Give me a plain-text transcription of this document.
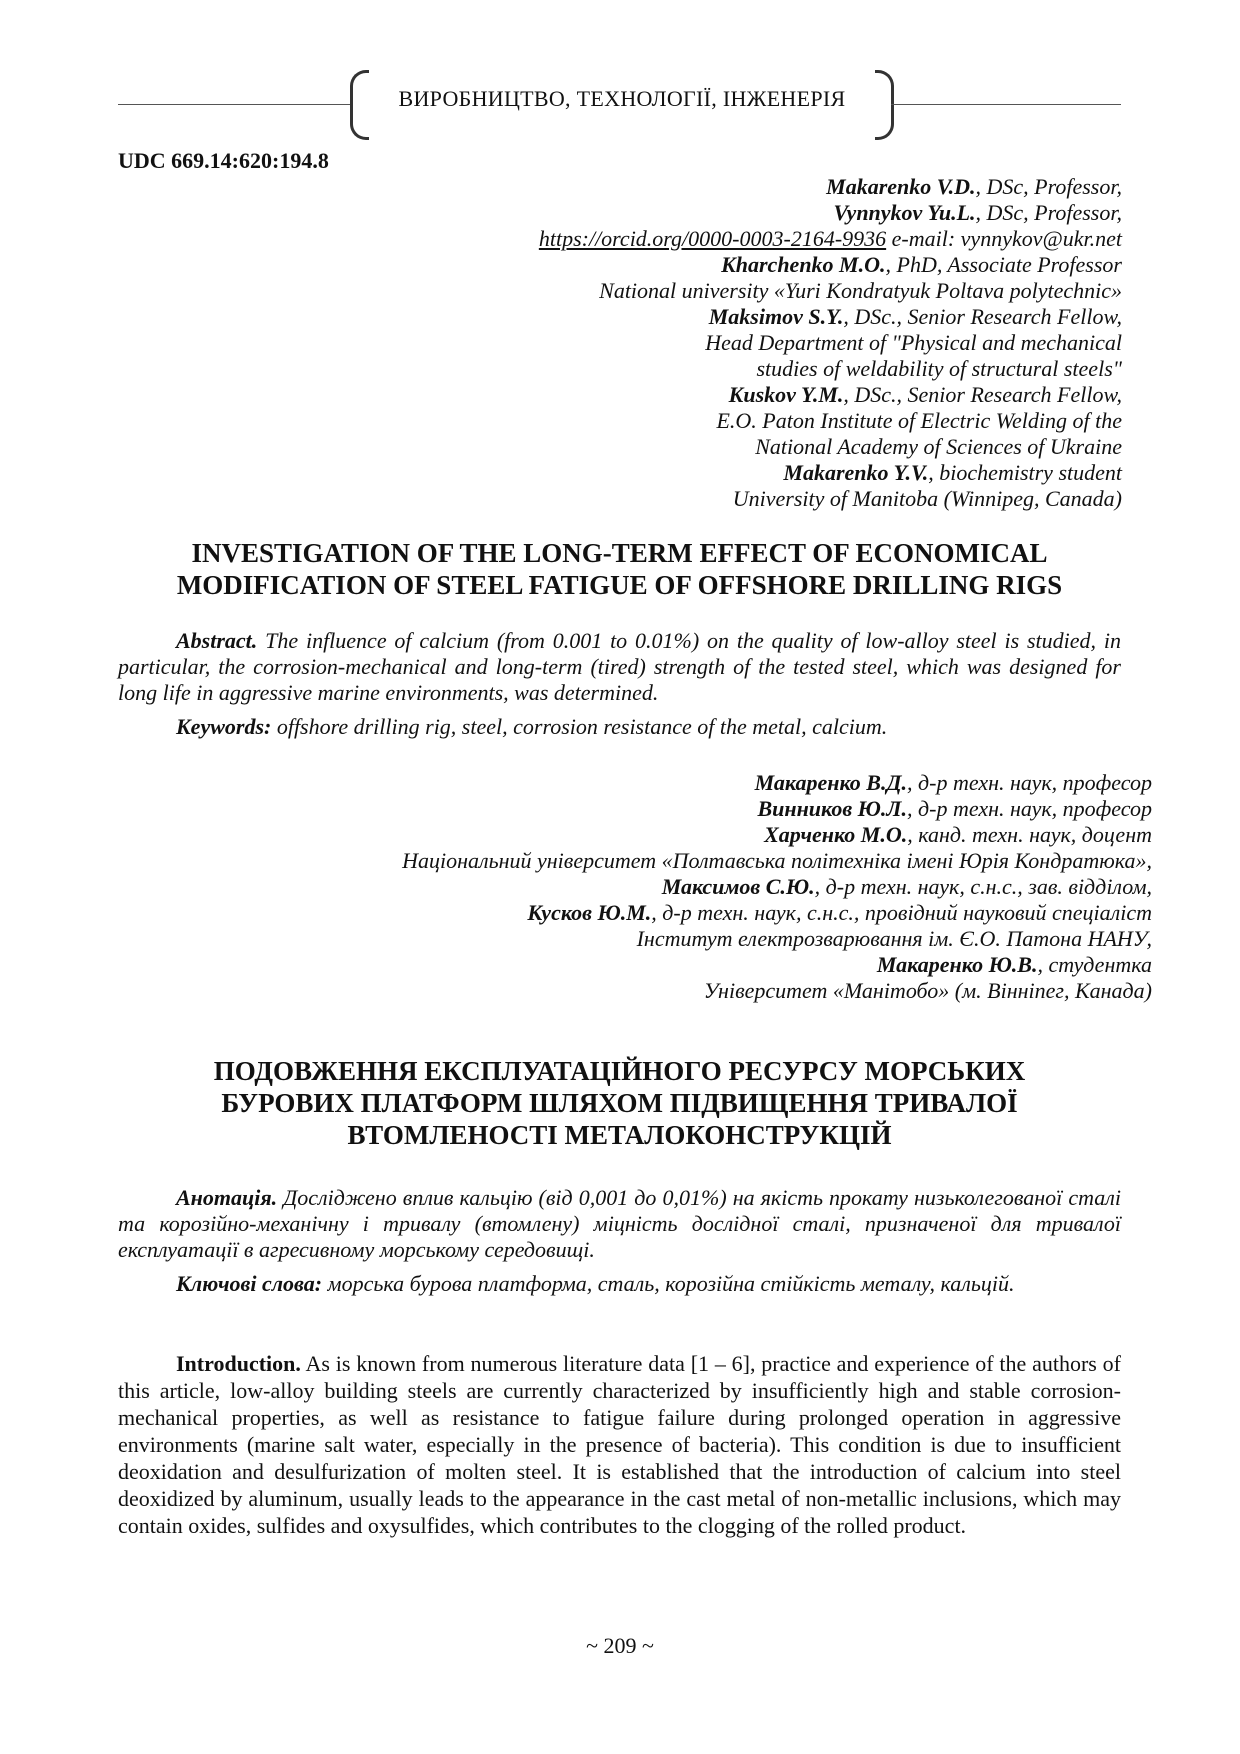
ВИРОБНИЦТВО, ТЕХНОЛОГІЇ, ІНЖЕНЕРІЯ
UDC 669.14:620:194.8
Makarenko V.D., DSc, Professor,
Vynnykov Yu.L., DSc, Professor,
https://orcid.org/0000-0003-2164-9936 e-mail: vynnykov@ukr.net
Kharchenko M.O., PhD, Associate Professor
National university «Yuri Kondratyuk Poltava polytechnic»
Maksimov S.Y., DSc., Senior Research Fellow,
Head Department of "Physical and mechanical
studies of weldability of structural steels"
Kuskov Y.M., DSc., Senior Research Fellow,
E.O. Paton Institute of Electric Welding of the
National Academy of Sciences of Ukraine
Makarenko Y.V., biochemistry student
University of Manitoba (Winnipeg, Canada)
INVESTIGATION OF THE LONG-TERM EFFECT OF ECONOMICAL
MODIFICATION OF STEEL FATIGUE OF OFFSHORE DRILLING RIGS
Abstract. The influence of calcium (from 0.001 to 0.01%) on the quality of low-alloy steel is studied, in particular, the corrosion-mechanical and long-term (tired) strength of the tested steel, which was designed for long life in aggressive marine environments, was determined.
Keywords: offshore drilling rig, steel, corrosion resistance of the metal, calcium.
Макаренко В.Д., д-р техн. наук, професор
Винников Ю.Л., д-р техн. наук, професор
Харченко М.О., канд. техн. наук, доцент
Національний університет «Полтавська політехніка імені Юрія Кондратюка»,
Максимов С.Ю., д-р техн. наук, с.н.с., зав. відділом,
Кусков Ю.М., д-р техн. наук, с.н.с., провідний науковий спеціаліст
Інститут електрозварювання ім. Є.О. Патона НАНУ,
Макаренко Ю.В., студентка
Університет «Манітобо» (м. Вінніпег, Канада)
ПОДОВЖЕННЯ ЕКСПЛУАТАЦІЙНОГО РЕСУРСУ МОРСЬКИХ
БУРОВИХ ПЛАТФОРМ ШЛЯХОМ ПІДВИЩЕННЯ ТРИВАЛОЇ
ВТОМЛЕНОСТІ МЕТАЛОКОНСТРУКЦІЙ
Анотація. Досліджено вплив кальцію (від 0,001 до 0,01%) на якість прокату низьколегованої сталі та корозійно-механічну і тривалу (втомлену) міцність дослідної сталі, призначеної для тривалої експлуатації в агресивному морському середовищі.
Ключові слова: морська бурова платформа, сталь, корозійна стійкість металу, кальцій.
Introduction. As is known from numerous literature data [1 – 6], practice and experience of the authors of this article, low-alloy building steels are currently characterized by insufficiently high and stable corrosion-mechanical properties, as well as resistance to fatigue failure during prolonged operation in aggressive environments (marine salt water, especially in the presence of bacteria). This condition is due to insufficient deoxidation and desulfurization of molten steel. It is established that the introduction of calcium into steel deoxidized by aluminum, usually leads to the appearance in the cast metal of non-metallic inclusions, which may contain oxides, sulfides and oxysulfides, which contributes to the clogging of the rolled product.
~ 209 ~
